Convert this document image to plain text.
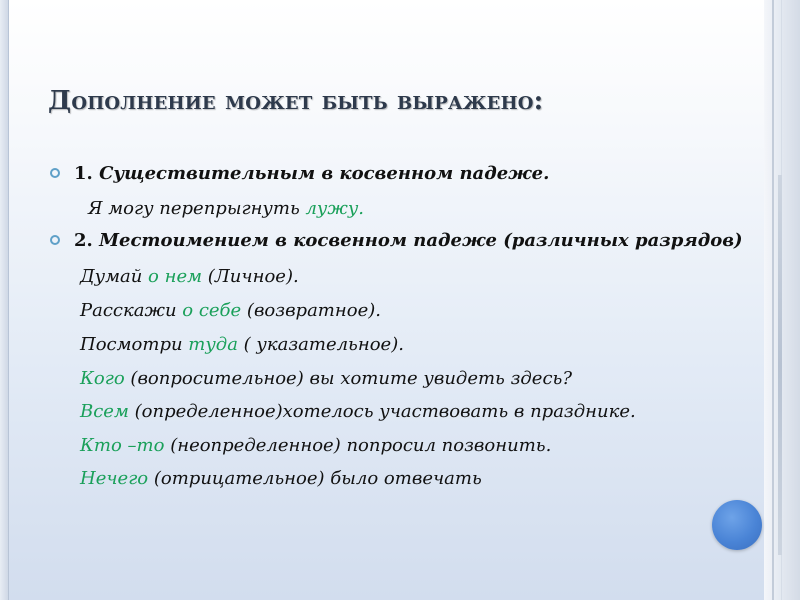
Дополнение может быть выражено:
1. Существительным в косвенном падеже.
Я могу перепрыгнуть лужу.
2. Местоимением в косвенном падеже (различных разрядов)
Думай о нем (Личное).
Расскажи о себе (возвратное).
Посмотри туда ( указательное).
Кого (вопросительное) вы хотите увидеть здесь?
Всем (определенное)хотелось участвовать в празднике.
Кто –то (неопределенное) попросил позвонить.
Нечего (отрицательное) было отвечать
